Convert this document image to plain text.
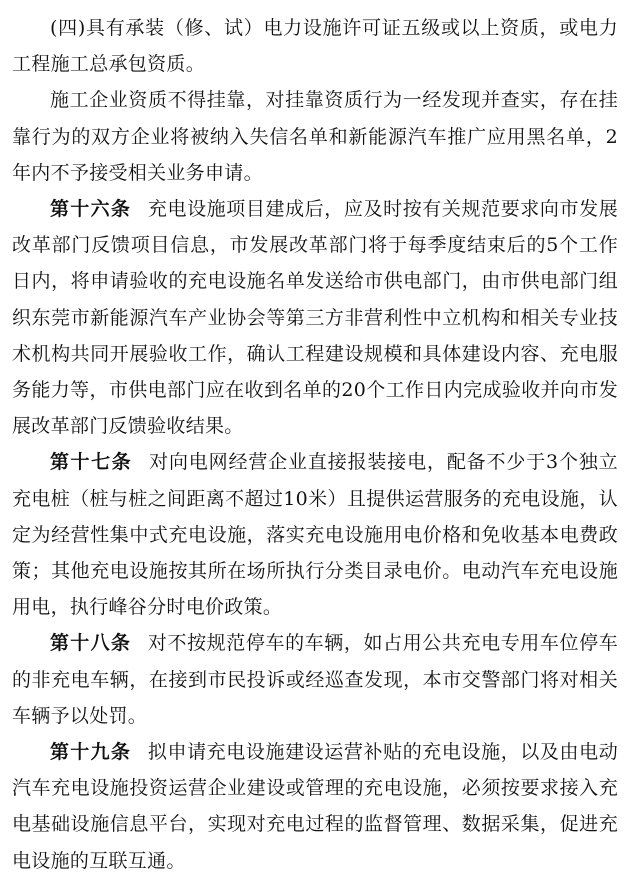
(四)具有承装（修、试）电力设施许可证五级或以上资质，或电力工程施工总承包资质。

施工企业资质不得挂靠，对挂靠资质行为一经发现并查实，存在挂靠行为的双方企业将被纳入失信名单和新能源汽车推广应用黑名单，2年内不予接受相关业务申请。

第十六条 充电设施项目建成后，应及时按有关规范要求向市发展改革部门反馈项目信息，市发展改革部门将于每季度结束后的5个工作日内，将申请验收的充电设施名单发送给市供电部门，由市供电部门组织东莞市新能源汽车产业协会等第三方非营利性中立机构和相关专业技术机构共同开展验收工作，确认工程建设规模和具体建设内容、充电服务能力等，市供电部门应在收到名单的20个工作日内完成验收并向市发展改革部门反馈验收结果。

第十七条 对向电网经营企业直接报装接电，配备不少于3个独立充电桩（桩与桩之间距离不超过10米）且提供运营服务的充电设施，认定为经营性集中式充电设施，落实充电设施用电价格和免收基本电费政策；其他充电设施按其所在场所执行分类目录电价。电动汽车充电设施用电，执行峰谷分时电价政策。

第十八条 对不按规范停车的车辆，如占用公共充电专用车位停车的非充电车辆，在接到市民投诉或经巡查发现，本市交警部门将对相关车辆予以处罚。

第十九条 拟申请充电设施建设运营补贴的充电设施，以及由电动汽车充电设施投资运营企业建设或管理的充电设施，必须按要求接入充电基础设施信息平台，实现对充电过程的监督管理、数据采集，促进充电设施的互联互通。
